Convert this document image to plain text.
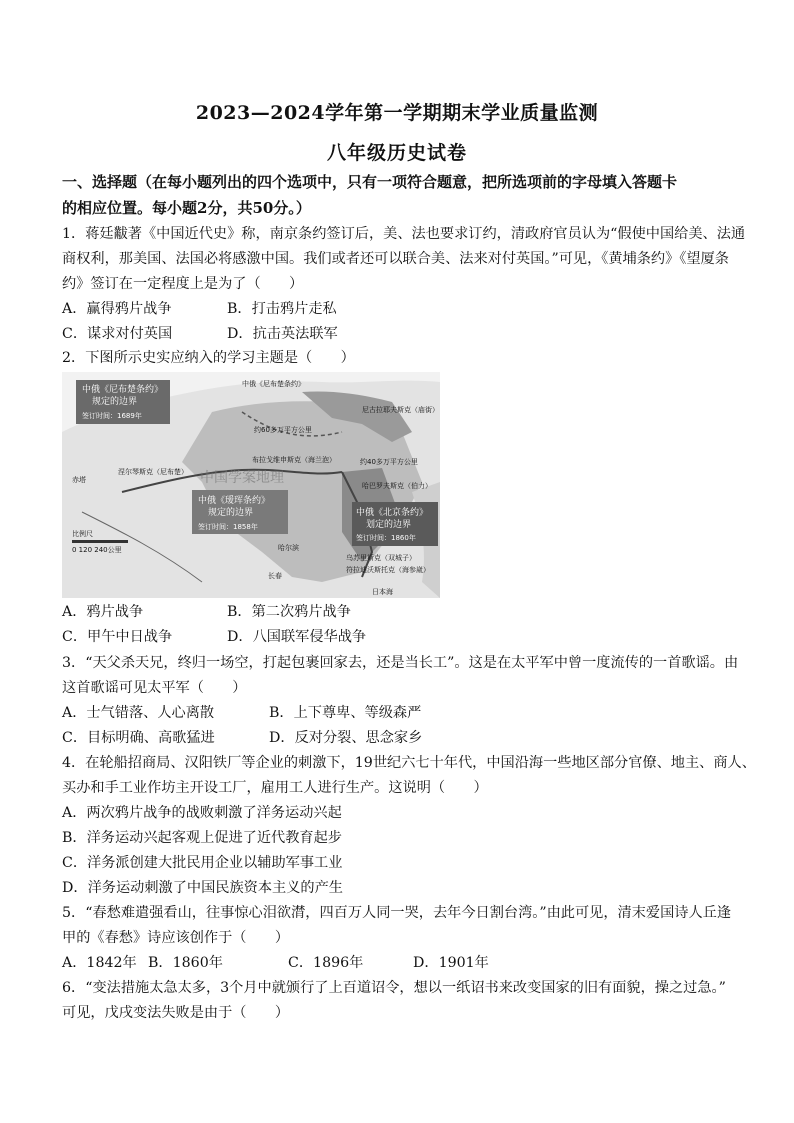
2023—2024学年第一学期期末学业质量监测
八年级历史试卷
一、选择题（在每小题列出的四个选项中，只有一项符合题意，把所选项前的字母填入答题卡
的相应位置。每小题2分，共50分。）
1．蒋廷黻著《中国近代史》称，南京条约签订后，美、法也要求订约，清政府官员认为“假使中国给美、法通
商权利，那美国、法国必将感激中国。我们或者还可以联合美、法来对付英国。”可见，《黄埔条约》《望厦条
约》签订在一定程度上是为了（　　）
A．赢得鸦片战争	B．打击鸦片走私
C．谋求对付英国	D．抗击英法联军
2．下图所示史实应纳入的学习主题是（　　）
中俄《尼布楚条约》
规定的边界
签订时间：1689年
中俄《瑷珲条约》
规定的边界
签订时间：1858年
中俄《北京条约》
划定的边界
签订时间：1860年
中俄《尼布楚条约》
约60多万平方公里
约40多万平方公里
赤塔
涅尔琴斯克（尼布楚）
布拉戈维申斯克（海兰泡）
哈巴罗夫斯克（伯力）
尼古拉耶夫斯克（庙街）
乌苏里斯克（双城子）
符拉迪沃斯托克（海参崴）
哈尔滨
长春
日本海
比例尺
0 120 240公里
中国学案地理
A．鸦片战争	B．第二次鸦片战争
C．甲午中日战争	D．八国联军侵华战争
3．“天父杀天兄，终归一场空，打起包裹回家去，还是当长工”。这是在太平军中曾一度流传的一首歌谣。由
这首歌谣可见太平军（　　）
A．士气错落、人心离散	B．上下尊卑、等级森严
C．目标明确、高歌猛进	D．反对分裂、思念家乡
4．在轮船招商局、汉阳铁厂等企业的刺激下，19世纪六七十年代，中国沿海一些地区部分官僚、地主、商人、
买办和手工业作坊主开设工厂，雇用工人进行生产。这说明（　　）
A．两次鸦片战争的战败刺激了洋务运动兴起
B．洋务运动兴起客观上促进了近代教育起步
C．洋务派创建大批民用企业以辅助军事工业
D．洋务运动刺激了中国民族资本主义的产生
5．“春愁难遣强看山，往事惊心泪欲潸，四百万人同一哭，去年今日割台湾。”由此可见，清末爱国诗人丘逢
甲的《春愁》诗应该创作于（　　）
A．1842年 B．1860年	C．1896年	D．1901年
6．“变法措施太急太多，3个月中就颁行了上百道诏令，想以一纸诏书来改变国家的旧有面貌，操之过急。”
可见，戊戌变法失败是由于（　　）
